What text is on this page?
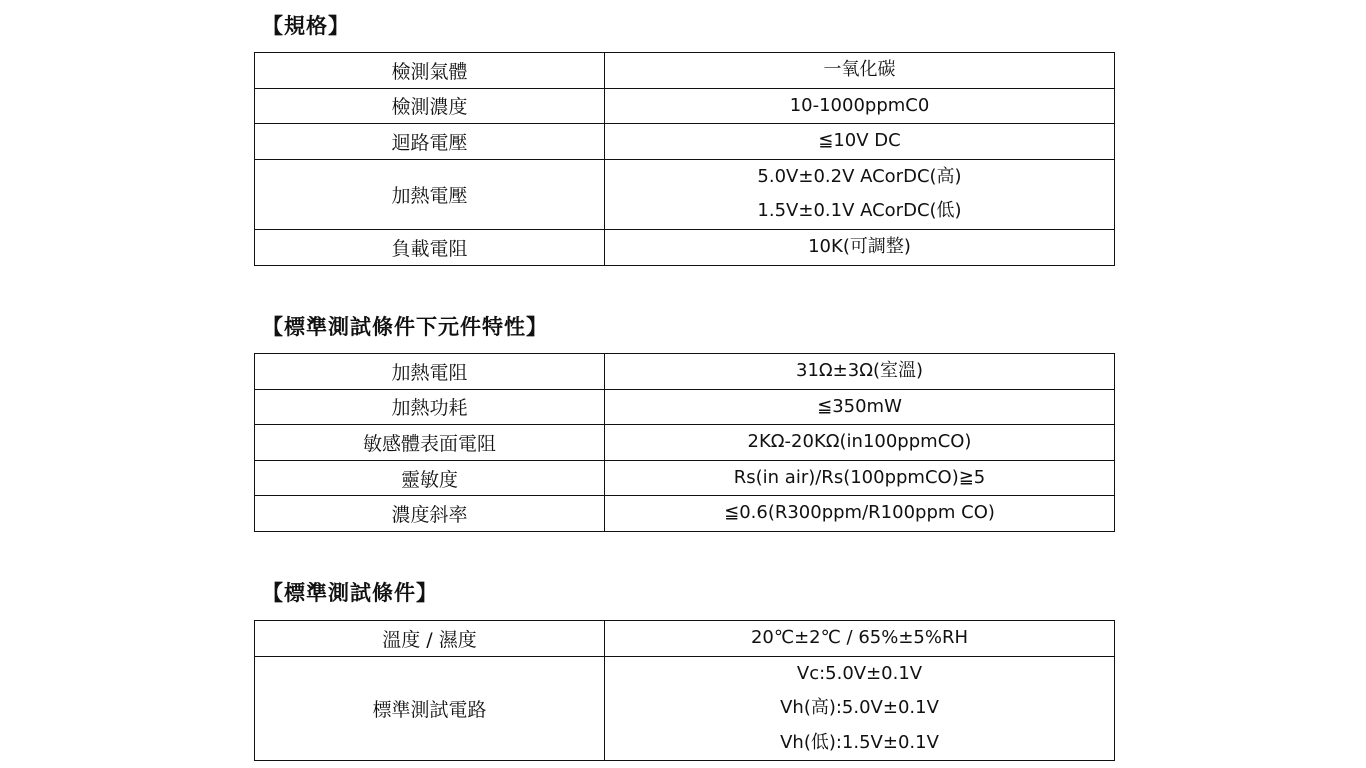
【規格】
檢測氣體	一氧化碳

檢測濃度	10-1000ppmC0

迴路電壓	≦10V DC

加熱電壓	5.0V±0.2V ACorDC(高)
1.5V±0.1V ACorDC(低)

負載電阻	10K(可調整)
【標準測試條件下元件特性】
加熱電阻	31Ω±3Ω(室溫)

加熱功耗	≦350mW

敏感體表面電阻	2KΩ-20KΩ(in100ppmCO)

靈敏度	Rs(in air)/Rs(100ppmCO)≧5

濃度斜率	≦0.6(R300ppm/R100ppm CO)
【標準測試條件】
溫度 / 濕度	20℃±2℃ / 65%±5%RH

標準測試電路	Vc:5.0V±0.1V
Vh(高):5.0V±0.1V
Vh(低):1.5V±0.1V
